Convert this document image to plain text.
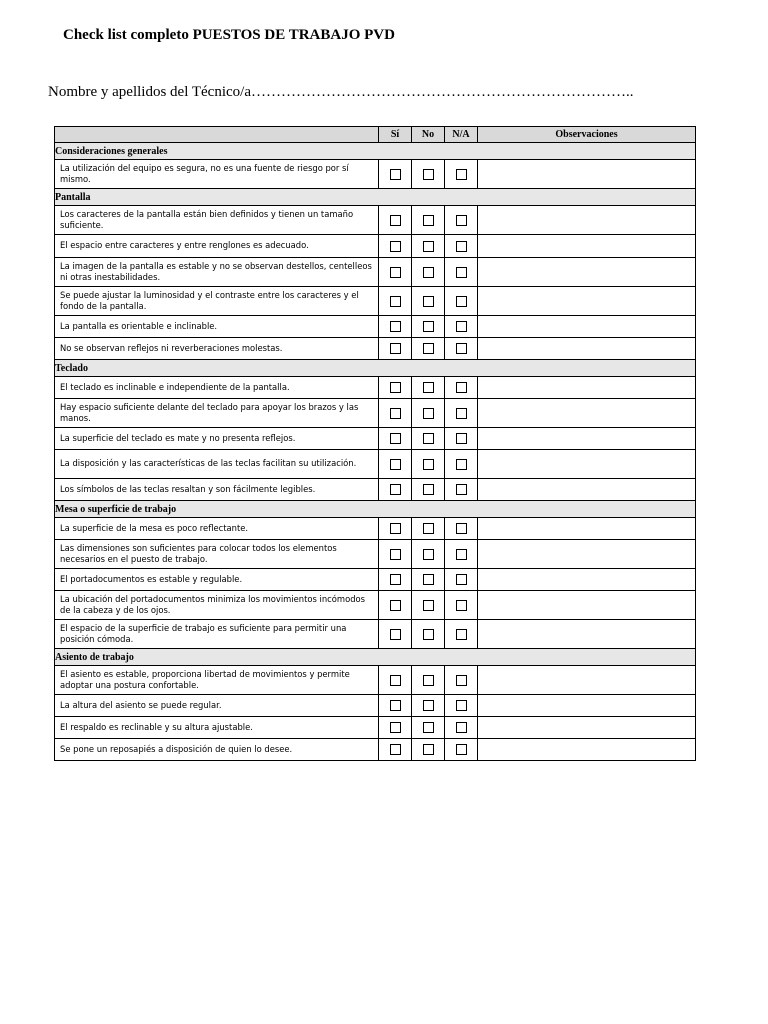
Check list completo PUESTOS DE TRABAJO PVD
Nombre y apellidos del Técnico/a…………………………………………………………………..
	Sí	No	N/A	Observaciones
Consideraciones generales				
La utilización del equipo es segura, no es una fuente de riesgo por sí mismo.				
Pantalla				
Los caracteres de la pantalla están bien definidos y tienen un tamaño suficiente.				
El espacio entre caracteres y entre renglones es adecuado.				
La imagen de la pantalla es estable y no se observan destellos, centelleos ni otras inestabilidades.				
Se puede ajustar la luminosidad y el contraste entre los caracteres y el fondo de la pantalla.				
La pantalla es orientable e inclinable.				
No se observan reflejos ni reverberaciones molestas.				
Teclado				
El teclado es inclinable e independiente de la pantalla.				
Hay espacio suficiente delante del teclado para apoyar los brazos y las manos.				
La superficie del teclado es mate y no presenta reflejos.				
La disposición y las características de las teclas facilitan su utilización.				
Los símbolos de las teclas resaltan y son fácilmente legibles.				
Mesa o superficie de trabajo				
La superficie de la mesa es poco reflectante.				
Las dimensiones son suficientes para colocar todos los elementos necesarios en el puesto de trabajo.				
El portadocumentos es estable y regulable.				
La ubicación del portadocumentos minimiza los movimientos incómodos de la cabeza y de los ojos.				
El espacio de la superficie de trabajo es suficiente para permitir una posición cómoda.				
Asiento de trabajo				
El asiento es estable, proporciona libertad de movimientos y permite adoptar una postura confortable.				
La altura del asiento se puede regular.				
El respaldo es reclinable y su altura ajustable.				
Se pone un reposapiés a disposición de quien lo desee.				
